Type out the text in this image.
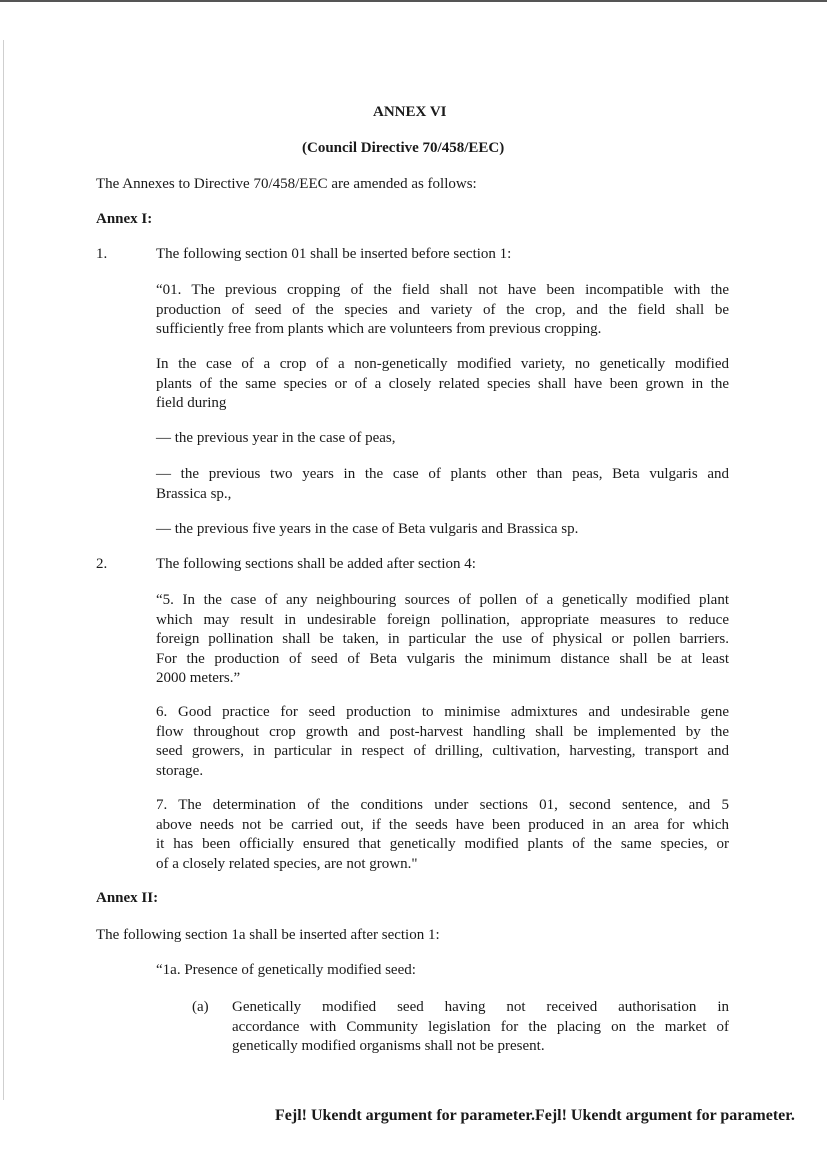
ANNEX VI

(Council Directive 70/458/EEC)

The Annexes to Directive 70/458/EEC are amended as follows:

Annex I:

1.	The following section 01 shall be inserted before section 1:

“01. The previous cropping of the field shall not have been incompatible with the
production of seed of the species and variety of the crop, and the field shall be
sufficiently free from plants which are volunteers from previous cropping.
In the case of a crop of a non-genetically modified variety, no genetically modified
plants of the same species or of a closely related species shall have been grown in the
field during

— the previous year in the case of peas,

— the previous two years in the case of plants other than peas, Beta vulgaris and
Brassica sp.,

— the previous five years in the case of Beta vulgaris and Brassica sp.

2.	The following sections shall be added after section 4:

“5. In the case of any neighbouring sources of pollen of a genetically modified plant
which may result in undesirable foreign pollination, appropriate measures to reduce
foreign pollination shall be taken, in particular the use of physical or pollen barriers.
For the production of seed of Beta vulgaris the minimum distance shall be at least
2000 meters.”
6. Good practice for seed production to minimise admixtures and undesirable gene
flow throughout crop growth and post-harvest handling shall be implemented by the
seed growers, in particular in respect of drilling, cultivation, harvesting, transport and
storage.
7. The determination of the conditions under sections 01, second sentence, and 5
above needs not be carried out, if the seeds have been produced in an area for which
it has been officially ensured that genetically modified plants of the same species, or
of a closely related species, are not grown."

Annex II:

The following section 1a shall be inserted after section 1:

“1a. Presence of genetically modified seed:

(a) Genetically modified seed having not received authorisation in
accordance with Community legislation for the placing on the market of
genetically modified organisms shall not be present.
Fejl! Ukendt argument for parameter.Fejl! Ukendt argument for parameter.
